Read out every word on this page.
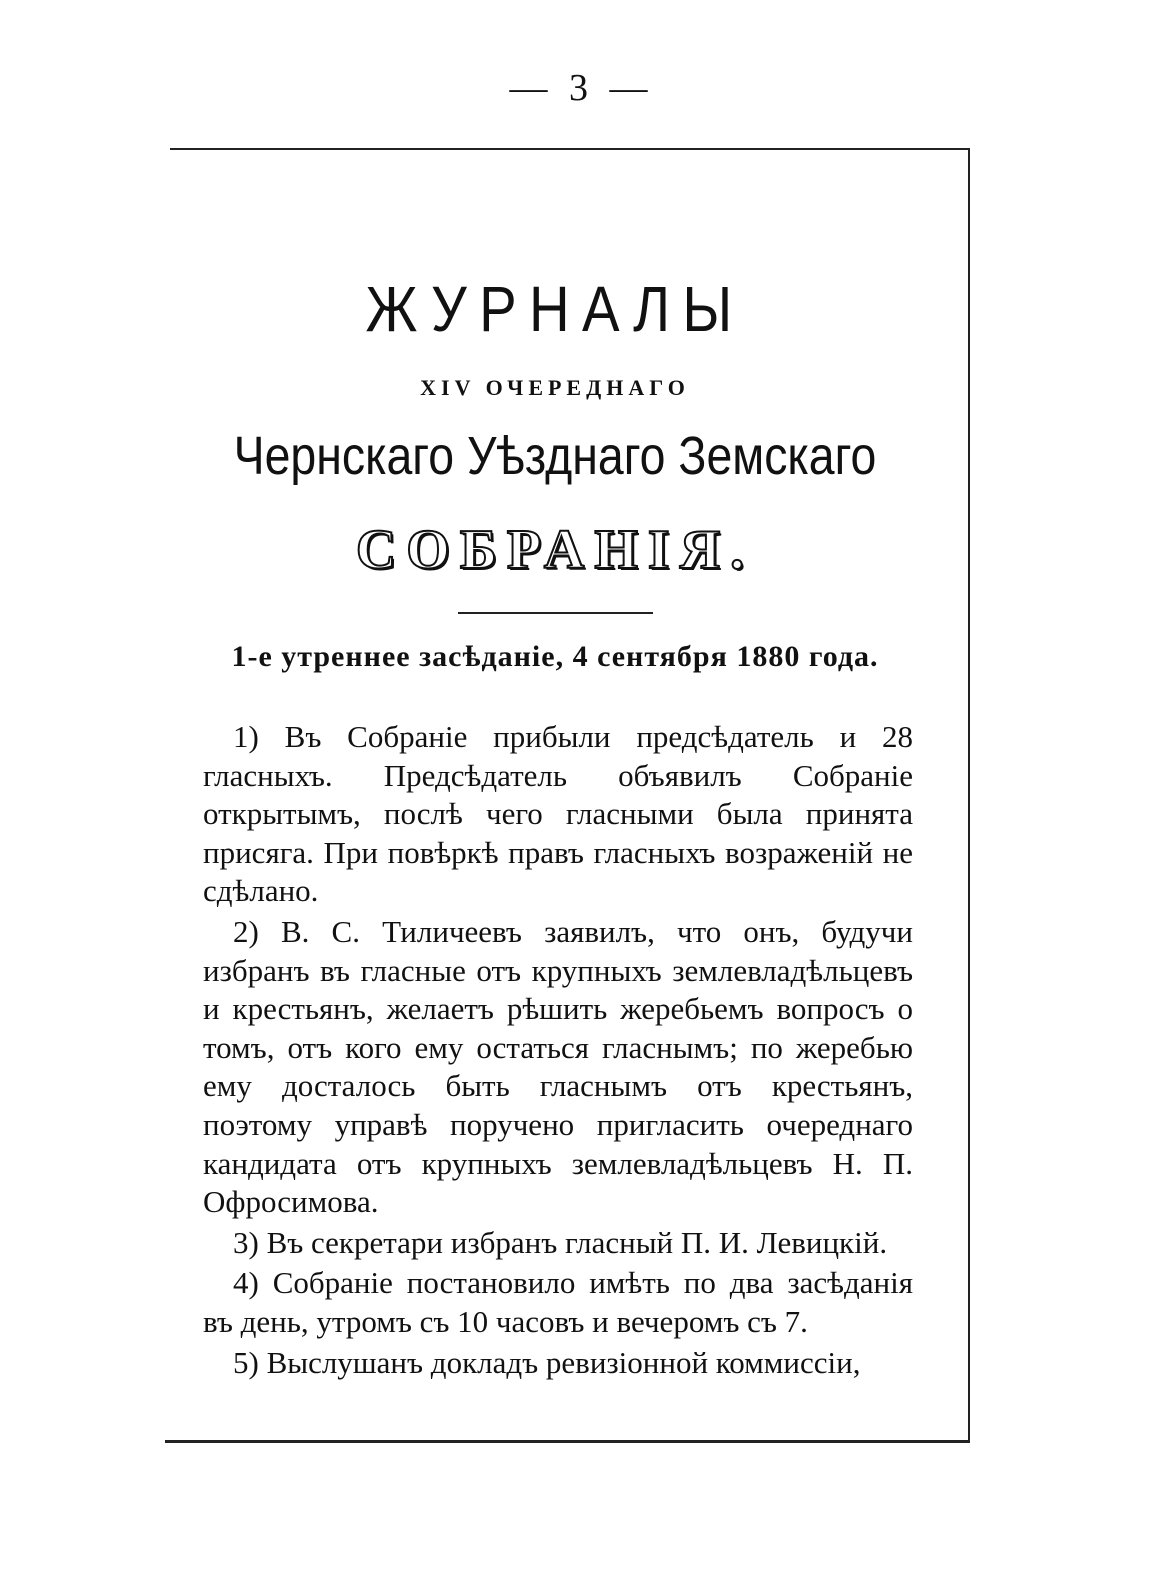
— 3 —
ЖУРНАЛЫ
XIV ОЧЕРЕДНАГО
Чернскаго Уѣзднаго Земскаго
СОБРАНІЯ.
1-е утреннее засѣданіе, 4 сентября 1880 года.

1) Въ Собраніе прибыли предсѣдатель и 28 гласныхъ. Предсѣдатель объявилъ Собраніе открытымъ, послѣ чего гласными была принята присяга. При повѣркѣ правъ гласныхъ возраженій не сдѣлано.

2) В. С. Тиличеевъ заявилъ, что онъ, будучи избранъ въ гласные отъ крупныхъ землевладѣльцевъ и крестьянъ, желаетъ рѣшить жеребьемъ вопросъ о томъ, отъ кого ему остаться гласнымъ; по жеребью ему досталось быть гласнымъ отъ крестьянъ, поэтому управѣ поручено пригласить очереднаго кандидата отъ крупныхъ землевладѣльцевъ Н. П. Офросимова.

3) Въ секретари избранъ гласный П. И. Левицкій.

4) Собраніе постановило имѣть по два засѣданія въ день, утромъ съ 10 часовъ и вечеромъ съ 7.

5) Выслушанъ докладъ ревизіонной коммиссіи,
